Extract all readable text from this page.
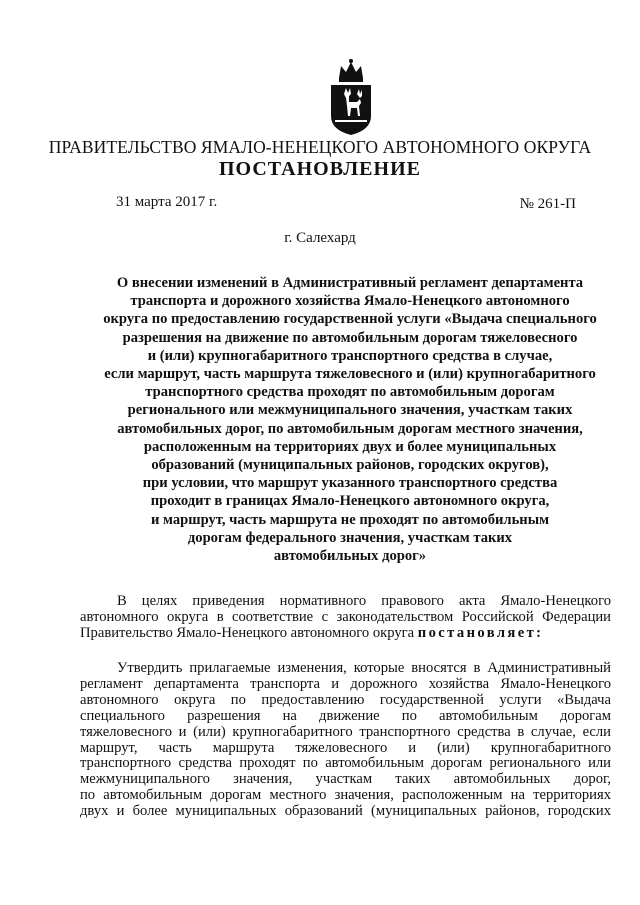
ПРАВИТЕЛЬСТВО ЯМАЛО-НЕНЕЦКОГО АВТОНОМНОГО ОКРУГА
ПОСТАНОВЛЕНИЕ
31 марта 2017 г.	№ 261-П
г. Салехард
О внесении изменений в Административный регламент департамента
транспорта и дорожного хозяйства Ямало-Ненецкого автономного
округа по предоставлению государственной услуги «Выдача специального
разрешения на движение по автомобильным дорогам тяжеловесного
и (или) крупногабаритного транспортного средства в случае,
если маршрут, часть маршрута тяжеловесного и (или) крупногабаритного
транспортного средства проходят по автомобильным дорогам
регионального или межмуниципального значения, участкам таких
автомобильных дорог, по автомобильным дорогам местного значения,
расположенным на территориях двух и более муниципальных
образований (муниципальных районов, городских округов),
при условии, что маршрут указанного транспортного средства
проходит в границах Ямало-Ненецкого автономного округа,
и маршрут, часть маршрута не проходят по автомобильным
дорогам федерального значения, участкам таких
автомобильных дорог»
В целях приведения нормативного правового акта Ямало-Ненецкого
автономного округа в соответствие с законодательством Российской Федерации
Правительство Ямало-Ненецкого автономного округа постановляет:
Утвердить прилагаемые изменения, которые вносятся в Административный
регламент департамента транспорта и дорожного хозяйства Ямало-Ненецкого
автономного округа по предоставлению государственной услуги «Выдача
специального разрешения на движение по автомобильным дорогам
тяжеловесного и (или) крупногабаритного транспортного средства в случае, если
маршрут, часть маршрута тяжеловесного и (или) крупногабаритного
транспортного средства проходят по автомобильным дорогам регионального или
межмуниципального значения, участкам таких автомобильных дорог,
по автомобильным дорогам местного значения, расположенным на территориях
двух и более муниципальных образований (муниципальных районов, городских
